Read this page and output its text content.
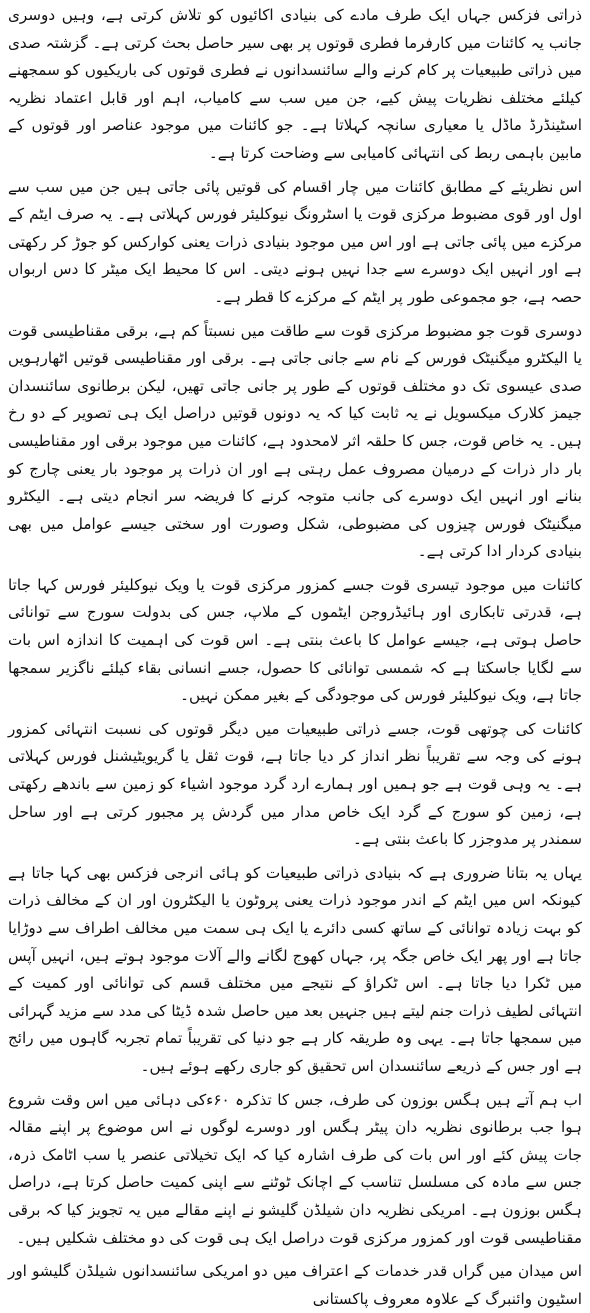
ذراتی فزکس جہاں ایک طرف مادے کی بنیادی اکائیوں کو تلاش کرتی ہے، وہیں دوسری جانب یہ کائنات میں کارفرما فطری قوتوں پر بھی سیر حاصل بحث کرتی ہے۔ گزشتہ صدی میں ذراتی طبیعیات پر کام کرنے والے سائنسدانوں نے فطری قوتوں کی باریکیوں کو سمجھنے کیلئے مختلف نظریات پیش کیے، جن میں سب سے کامیاب، اہم اور قابل اعتماد نظریہ اسٹینڈرڈ ماڈل یا معیاری سانچہ کہلاتا ہے۔ جو کائنات میں موجود عناصر اور قوتوں کے مابین باہمی ربط کی انتہائی کامیابی سے وضاحت کرتا ہے۔

اس نظریئے کے مطابق کائنات میں چار اقسام کی قوتیں پائی جاتی ہیں جن میں سب سے اول اور قوی مضبوط مرکزی قوت یا اسٹرونگ نیوکلیئر فورس کہلاتی ہے۔ یہ صرف ایٹم کے مرکزے میں پائی جاتی ہے اور اس میں موجود بنیادی ذرات یعنی کوارکس کو جوڑ کر رکھتی ہے اور انہیں ایک دوسرے سے جدا نہیں ہونے دیتی۔ اس کا محیط ایک میٹر کا دس اربواں حصہ ہے، جو مجموعی طور پر ایٹم کے مرکزے کا قطر ہے۔

دوسری قوت جو مضبوط مرکزی قوت سے طاقت میں نسبتاً کم ہے، برقی مقناطیسی قوت یا الیکٹرو میگنیٹک فورس کے نام سے جانی جاتی ہے۔ برقی اور مقناطیسی قوتیں اٹھارہویں صدی عیسوی تک دو مختلف قوتوں کے طور پر جانی جاتی تھیں، لیکن برطانوی سائنسدان جیمز کلارک میکسویل نے یہ ثابت کیا کہ یہ دونوں قوتیں دراصل ایک ہی تصویر کے دو رخ ہیں۔ یہ خاص قوت، جس کا حلقہ اثر لامحدود ہے، کائنات میں موجود برقی اور مقناطیسی بار دار ذرات کے درمیان مصروف عمل رہتی ہے اور ان ذرات پر موجود بار یعنی چارج کو بنانے اور انہیں ایک دوسرے کی جانب متوجہ کرنے کا فریضہ سر انجام دیتی ہے۔ الیکٹرو میگنیٹک فورس چیزوں کی مضبوطی، شکل وصورت اور سختی جیسے عوامل میں بھی بنیادی کردار ادا کرتی ہے۔

کائنات میں موجود تیسری قوت جسے کمزور مرکزی قوت یا ویک نیوکلیئر فورس کہا جاتا ہے، قدرتی تابکاری اور ہائیڈروجن ایٹموں کے ملاپ، جس کی بدولت سورج سے توانائی حاصل ہوتی ہے، جیسے عوامل کا باعث بنتی ہے۔ اس قوت کی اہمیت کا اندازہ اس بات سے لگایا جاسکتا ہے کہ شمسی توانائی کا حصول، جسے انسانی بقاء کیلئے ناگزیر سمجھا جاتا ہے، ویک نیوکلیئر فورس کی موجودگی کے بغیر ممکن نہیں۔

کائنات کی چوتھی قوت، جسے ذراتی طبیعیات میں دیگر قوتوں کی نسبت انتہائی کمزور ہونے کی وجہ سے تقریباً نظر انداز کر دیا جاتا ہے، قوت ثقل یا گریویٹیشنل فورس کہلاتی ہے۔ یہ وہی قوت ہے جو ہمیں اور ہمارے ارد گرد موجود اشیاء کو زمین سے باندھے رکھتی ہے، زمین کو سورج کے گرد ایک خاص مدار میں گردش پر مجبور کرتی ہے اور ساحل سمندر پر مدوجزر کا باعث بنتی ہے۔

یہاں یہ بتانا ضروری ہے کہ بنیادی ذراتی طبیعیات کو ہائی انرجی فزکس بھی کہا جاتا ہے کیونکہ اس میں ایٹم کے اندر موجود ذرات یعنی پروٹون یا الیکٹرون اور ان کے مخالف ذرات کو بہت زیادہ توانائی کے ساتھ کسی دائرے یا ایک ہی سمت میں مخالف اطراف سے دوڑایا جاتا ہے اور پھر ایک خاص جگہ پر، جہاں کھوج لگانے والے آلات موجود ہوتے ہیں، انہیں آپس میں ٹکرا دیا جاتا ہے۔ اس ٹکراؤ کے نتیجے میں مختلف قسم کی توانائی اور کمیت کے انتہائی لطیف ذرات جنم لیتے ہیں جنہیں بعد میں حاصل شدہ ڈیٹا کی مدد سے مزید گہرائی میں سمجھا جاتا ہے۔ یہی وہ طریقہ کار ہے جو دنیا کی تقریباً تمام تجربہ گاہوں میں رائج ہے اور جس کے ذریعے سائنسدان اس تحقیق کو جاری رکھے ہوئے ہیں۔

اب ہم آتے ہیں ہگس بوزون کی طرف، جس کا تذکرہ ۶۰ءکی دہائی میں اس وقت شروع ہوا جب برطانوی نظریہ دان پیٹر ہگس اور دوسرے لوگوں نے اس موضوع پر اپنے مقالہ جات پیش کئے اور اس بات کی طرف اشارہ کیا کہ ایک تخیلاتی عنصر یا سب اٹامک ذرہ، جس سے مادہ کی مسلسل تناسب کے اچانک ٹوٹنے سے اپنی کمیت حاصل کرتا ہے، دراصل ہگس بوزون ہے۔ امریکی نظریہ دان شیلڈن گلیشو نے اپنے مقالے میں یہ تجویز کیا کہ برقی مقناطیسی قوت اور کمزور مرکزی قوت دراصل ایک ہی قوت کی دو مختلف شکلیں ہیں۔

اس میدان میں گراں قدر خدمات کے اعتراف میں دو امریکی سائنسدانوں شیلڈن گلیشو اور اسٹیون وائنبرگ کے علاوہ معروف پاکستانی
